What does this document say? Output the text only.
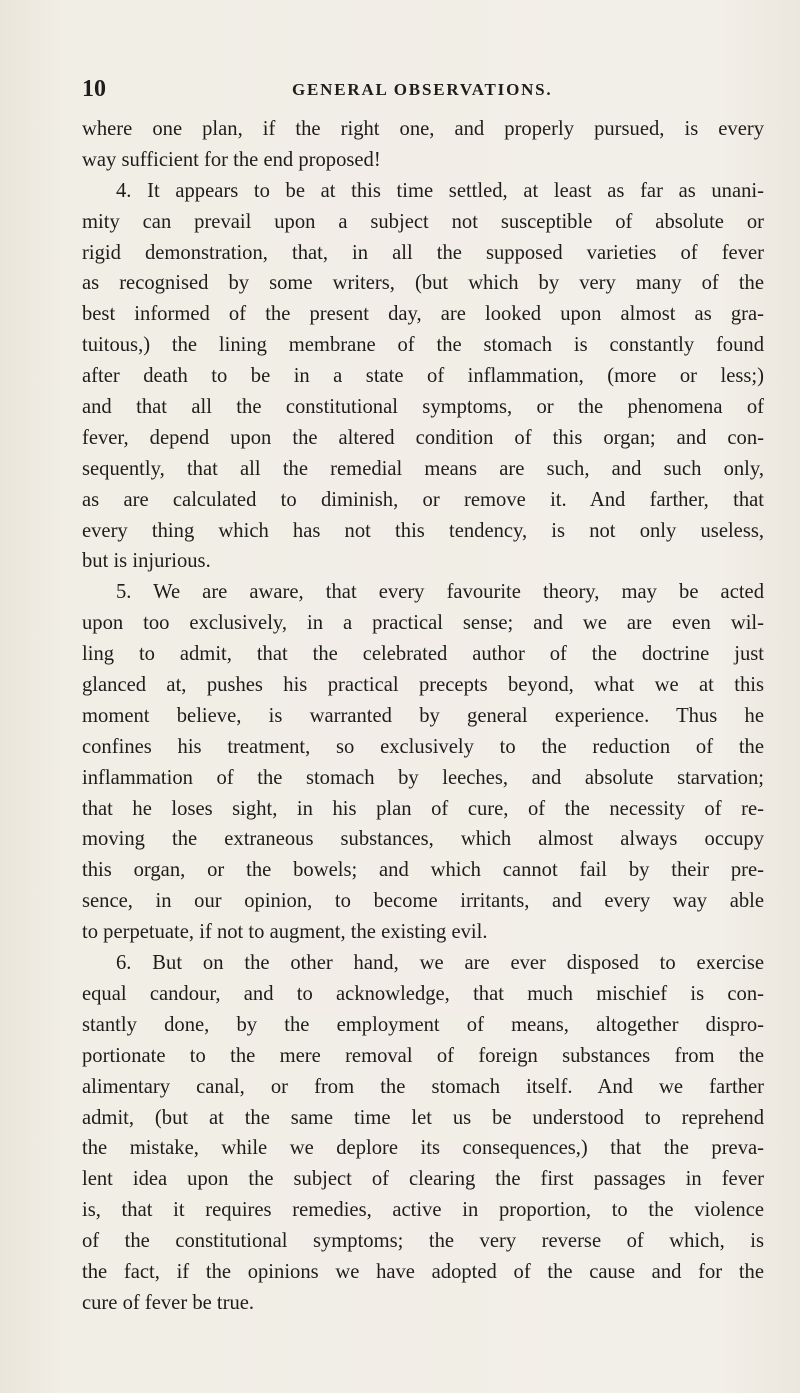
10	GENERAL OBSERVATIONS.
where one plan, if the right one, and properly pursued, is every
way sufficient for the end proposed!
4. It appears to be at this time settled, at least as far as unani-
mity can prevail upon a subject not susceptible of absolute or
rigid demonstration, that, in all the supposed varieties of fever
as recognised by some writers, (but which by very many of the
best informed of the present day, are looked upon almost as gra-
tuitous,) the lining membrane of the stomach is constantly found
after death to be in a state of inflammation, (more or less;)
and that all the constitutional symptoms, or the phenomena of
fever, depend upon the altered condition of this organ; and con-
sequently, that all the remedial means are such, and such only,
as are calculated to diminish, or remove it. And farther, that
every thing which has not this tendency, is not only useless,
but is injurious.
5. We are aware, that every favourite theory, may be acted
upon too exclusively, in a practical sense; and we are even wil-
ling to admit, that the celebrated author of the doctrine just
glanced at, pushes his practical precepts beyond, what we at this
moment believe, is warranted by general experience. Thus he
confines his treatment, so exclusively to the reduction of the
inflammation of the stomach by leeches, and absolute starvation;
that he loses sight, in his plan of cure, of the necessity of re-
moving the extraneous substances, which almost always occupy
this organ, or the bowels; and which cannot fail by their pre-
sence, in our opinion, to become irritants, and every way able
to perpetuate, if not to augment, the existing evil.
6. But on the other hand, we are ever disposed to exercise
equal candour, and to acknowledge, that much mischief is con-
stantly done, by the employment of means, altogether dispro-
portionate to the mere removal of foreign substances from the
alimentary canal, or from the stomach itself. And we farther
admit, (but at the same time let us be understood to reprehend
the mistake, while we deplore its consequences,) that the preva-
lent idea upon the subject of clearing the first passages in fever
is, that it requires remedies, active in proportion, to the violence
of the constitutional symptoms; the very reverse of which, is
the fact, if the opinions we have adopted of the cause and for the
cure of fever be true.
